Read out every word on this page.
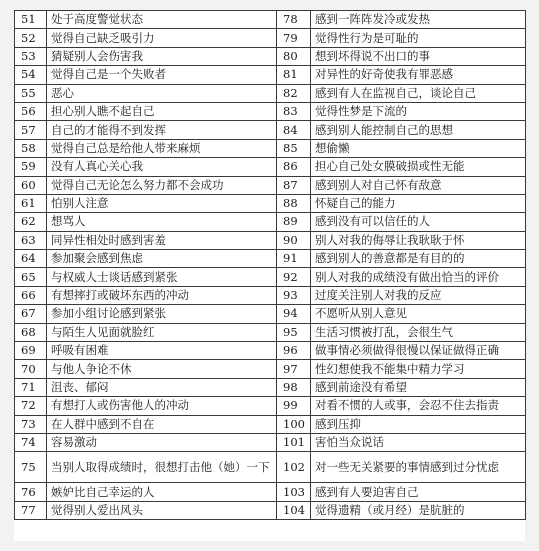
51	处于高度警觉状态	78	感到一阵阵发冷或发热
52	觉得自己缺乏吸引力	79	觉得性行为是可耻的
53	猜疑别人会伤害我	80	想到坏得说不出口的事
54	觉得自己是一个失败者	81	对异性的好奇使我有罪恶感
55	恶心	82	感到有人在监视自己，谈论自己
56	担心别人瞧不起自己	83	觉得性梦是下流的
57	自己的才能得不到发挥	84	感到别人能控制自己的思想
58	觉得自己总是给他人带来麻烦	85	想偷懒
59	没有人真心关心我	86	担心自己处女膜破损或性无能
60	觉得自己无论怎么努力都不会成功	87	感到别人对自己怀有敌意
61	怕别人注意	88	怀疑自己的能力
62	想骂人	89	感到没有可以信任的人
63	同异性相处时感到害羞	90	别人对我的侮辱让我耿耿于怀
64	参加聚会感到焦虑	91	感到别人的善意都是有目的的
65	与权威人士谈话感到紧张	92	别人对我的成绩没有做出恰当的评价
66	有想摔打或破坏东西的冲动	93	过度关注别人对我的反应
67	参加小组讨论感到紧张	94	不愿听从别人意见
68	与陌生人见面就脸红	95	生活习惯被打乱，会很生气
69	呼吸有困难	96	做事情必须做得很慢以保证做得正确
70	与他人争论不休	97	性幻想使我不能集中精力学习
71	沮丧、郁闷	98	感到前途没有希望
72	有想打人或伤害他人的冲动	99	对看不惯的人或事，会忍不住去指责
73	在人群中感到不自在	100	感到压抑
74	容易激动	101	害怕当众说话
75	当别人取得成绩时，很想打击他（她）一下	102	对一些无关紧要的事情感到过分忧虑
76	嫉妒比自己幸运的人	103	感到有人要迫害自己
77	觉得别人爱出风头	104	觉得遗精（或月经）是肮脏的
